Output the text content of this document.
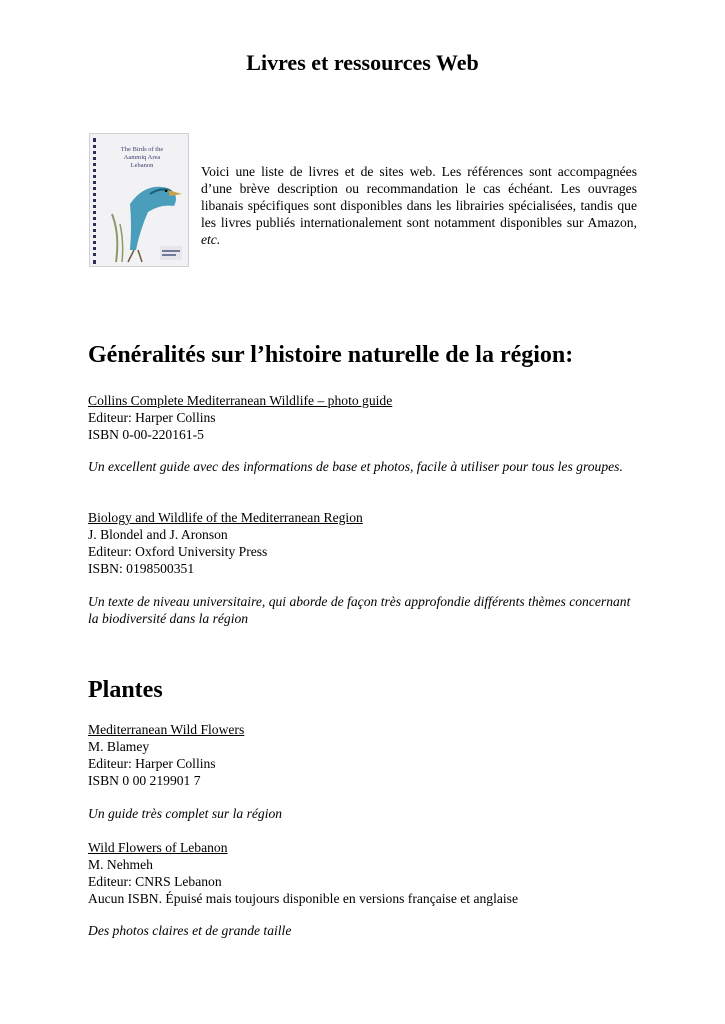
Livres et ressources Web
The Birds of the
Aammiq Area
Lebanon	Voici une liste de livres et de sites web. Les références sont accompagnées d’une brève description ou recommandation le cas échéant. Les ouvrages libanais spécifiques sont disponibles dans les librairies spécialisées, tandis que les livres publiés internationalement sont notamment disponibles sur Amazon, etc.

Généralités sur l’histoire naturelle de la région:
Collins Complete Mediterranean Wildlife – photo guide
Editeur: Harper Collins
ISBN 0-00-220161-5

Un excellent guide avec des informations de base et photos, facile à utiliser pour tous les groupes.

Biology and Wildlife of the Mediterranean Region
J. Blondel and J. Aronson
Editeur: Oxford University Press
ISBN: 0198500351

Un texte de niveau universitaire, qui aborde de façon très approfondie différents thèmes concernant la biodiversité dans la région

Plantes
Mediterranean Wild Flowers
M. Blamey
Editeur: Harper Collins
ISBN 0 00 219901 7

Un guide très complet sur la région

Wild Flowers of Lebanon
M. Nehmeh
Editeur: CNRS Lebanon
Aucun ISBN. Épuisé mais toujours disponible en versions française et anglaise

Des photos claires et de grande taille
